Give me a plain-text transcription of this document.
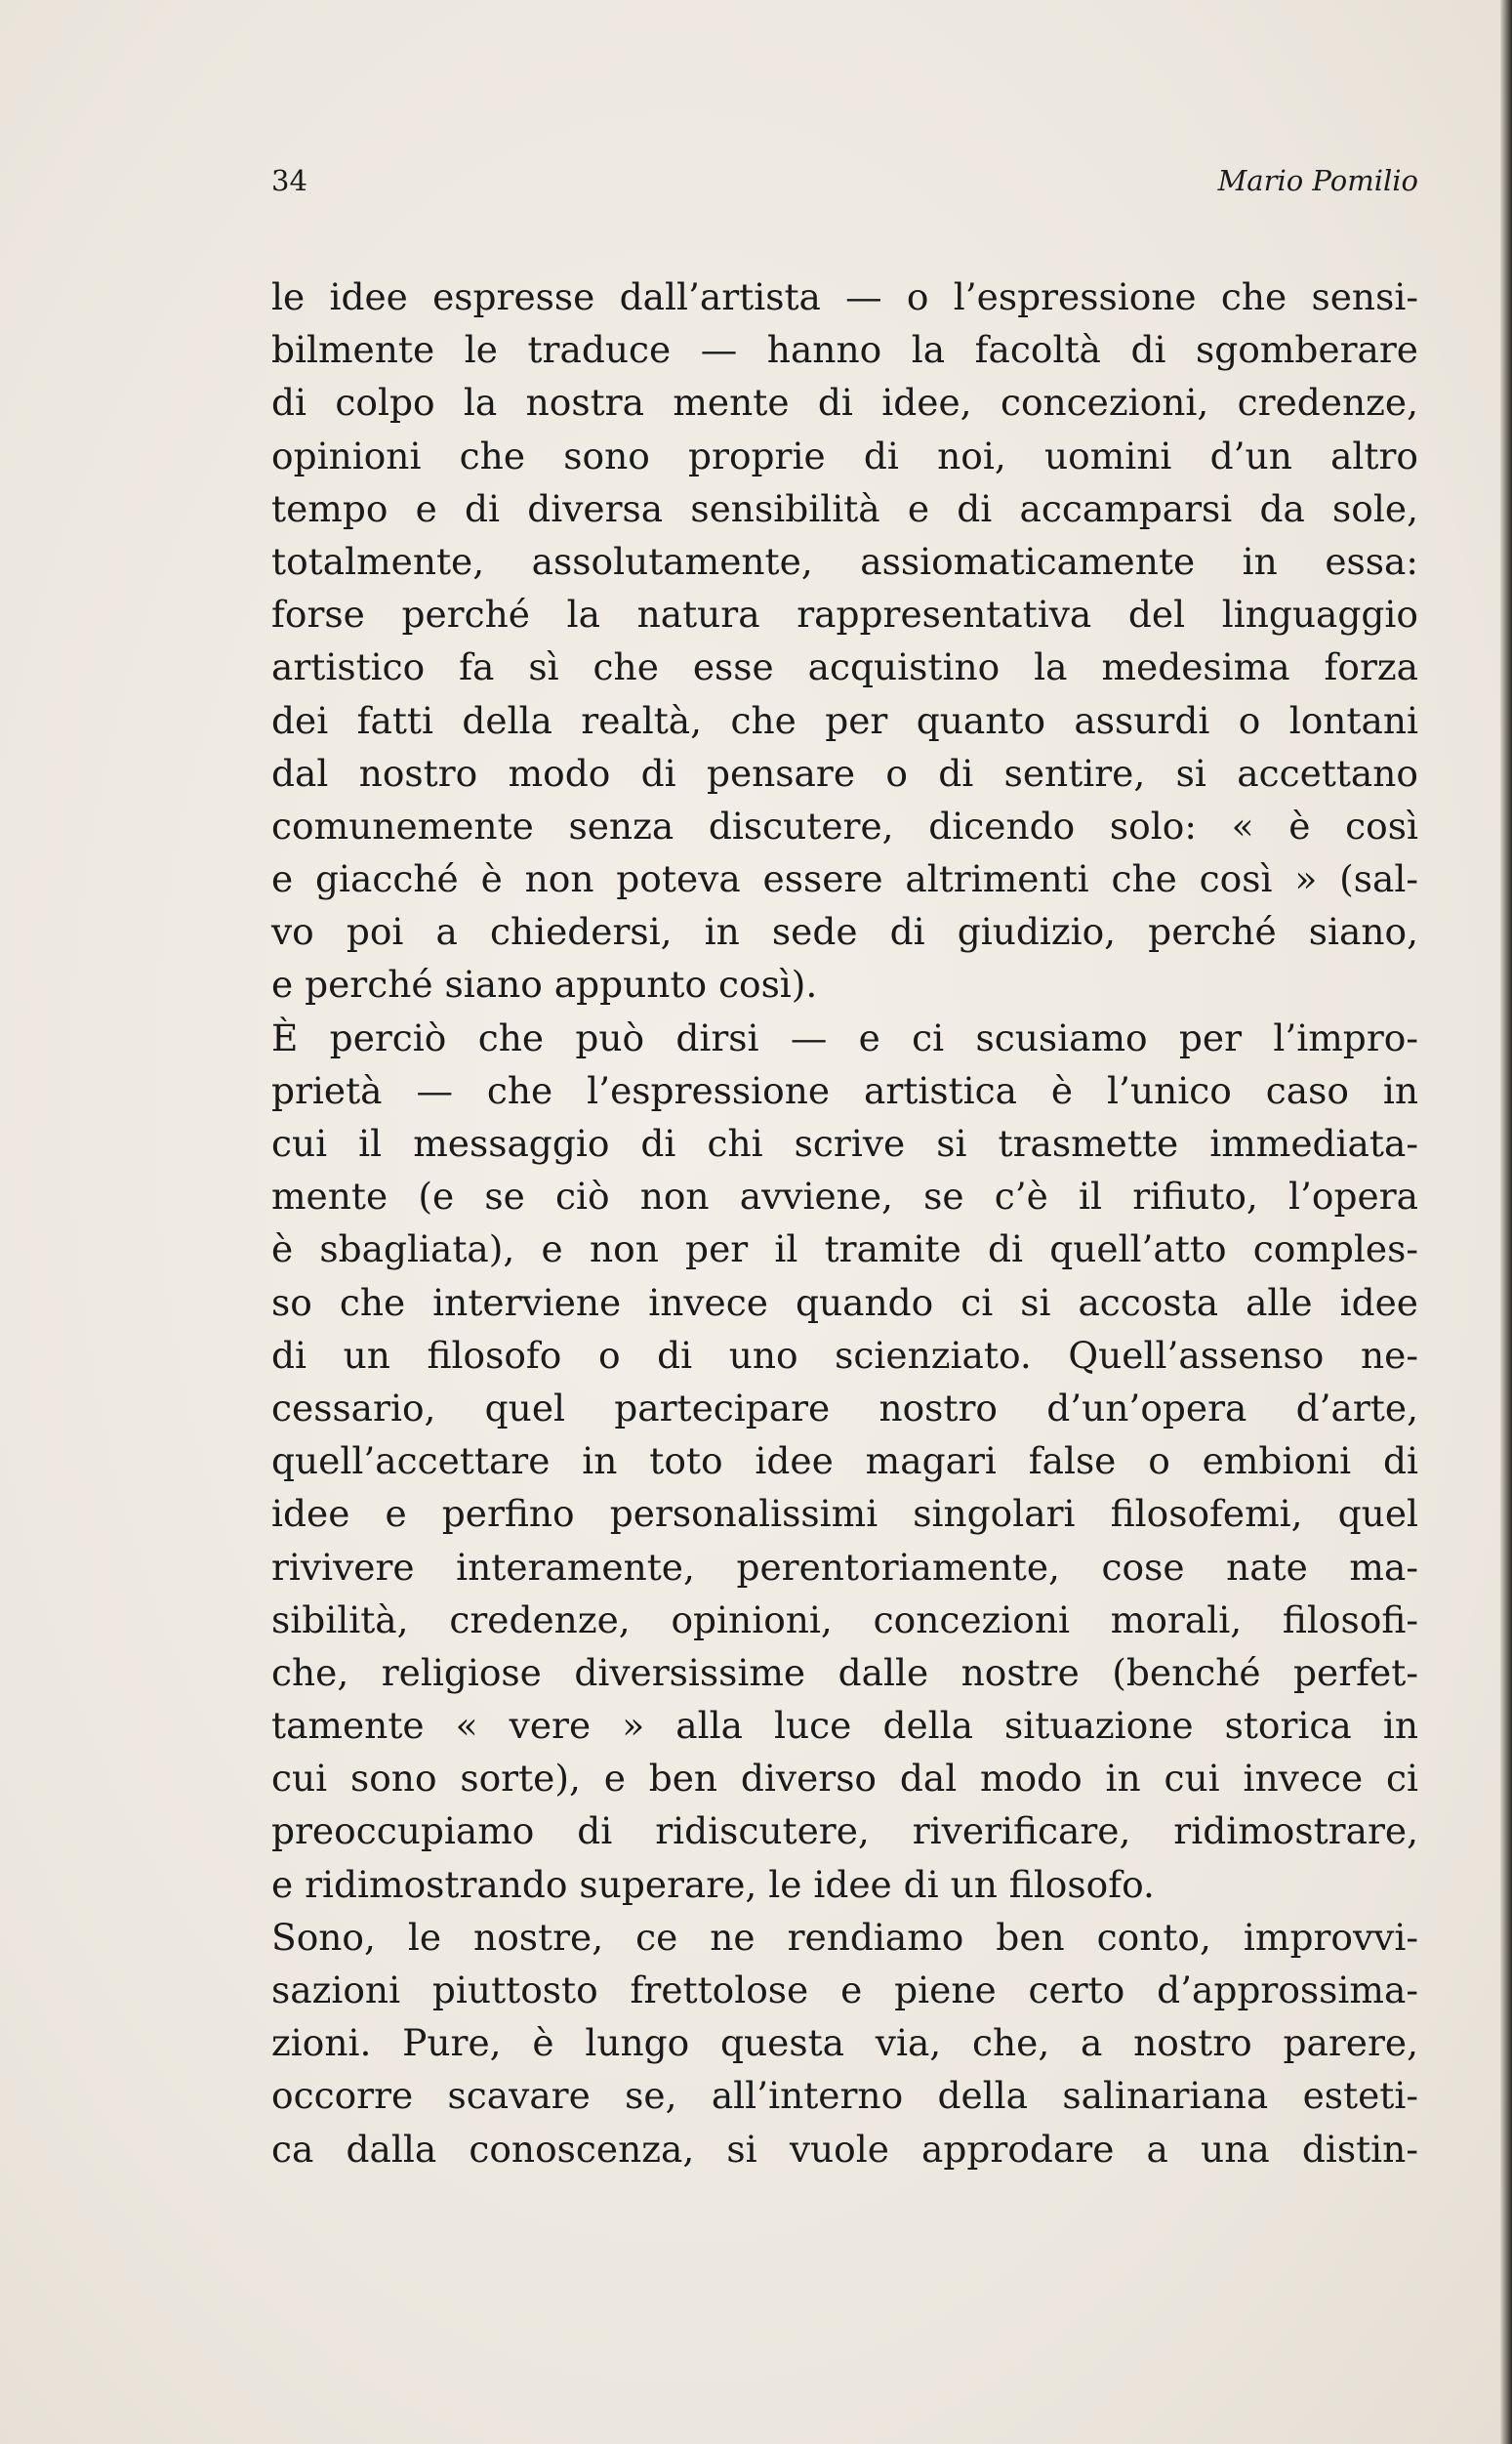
34	Mario Pomilio
le idee espresse dall’artista — o l’espressione che sensi-
bilmente le traduce — hanno la facoltà di sgomberare
di colpo la nostra mente di idee, concezioni, credenze,
opinioni che sono proprie di noi, uomini d’un altro
tempo e di diversa sensibilità e di accamparsi da sole,
totalmente, assolutamente, assiomaticamente in essa:
forse perché la natura rappresentativa del linguaggio
artistico fa sì che esse acquistino la medesima forza
dei fatti della realtà, che per quanto assurdi o lontani
dal nostro modo di pensare o di sentire, si accettano
comunemente senza discutere, dicendo solo: « è così
e giacché è non poteva essere altrimenti che così » (sal-
vo poi a chiedersi, in sede di giudizio, perché siano,
e perché siano appunto così).
È perciò che può dirsi — e ci scusiamo per l’impro-
prietà — che l’espressione artistica è l’unico caso in
cui il messaggio di chi scrive si trasmette immediata-
mente (e se ciò non avviene, se c’è il rifiuto, l’opera
è sbagliata), e non per il tramite di quell’atto comples-
so che interviene invece quando ci si accosta alle idee
di un filosofo o di uno scienziato. Quell’assenso ne-
cessario, quel partecipare nostro d’un’opera d’arte,
quell’accettare in toto idee magari false o embioni di
idee e perfino personalissimi singolari filosofemi, quel
rivivere interamente, perentoriamente, cose nate ma-
sibilità, credenze, opinioni, concezioni morali, filosofi-
che, religiose diversissime dalle nostre (benché perfet-
tamente « vere » alla luce della situazione storica in
cui sono sorte), e ben diverso dal modo in cui invece ci
preoccupiamo di ridiscutere, riverificare, ridimostrare,
e ridimostrando superare, le idee di un filosofo.
Sono, le nostre, ce ne rendiamo ben conto, improvvi-
sazioni piuttosto frettolose e piene certo d’approssima-
zioni. Pure, è lungo questa via, che, a nostro parere,
occorre scavare se, all’interno della salinariana esteti-
ca dalla conoscenza, si vuole approdare a una distin-
